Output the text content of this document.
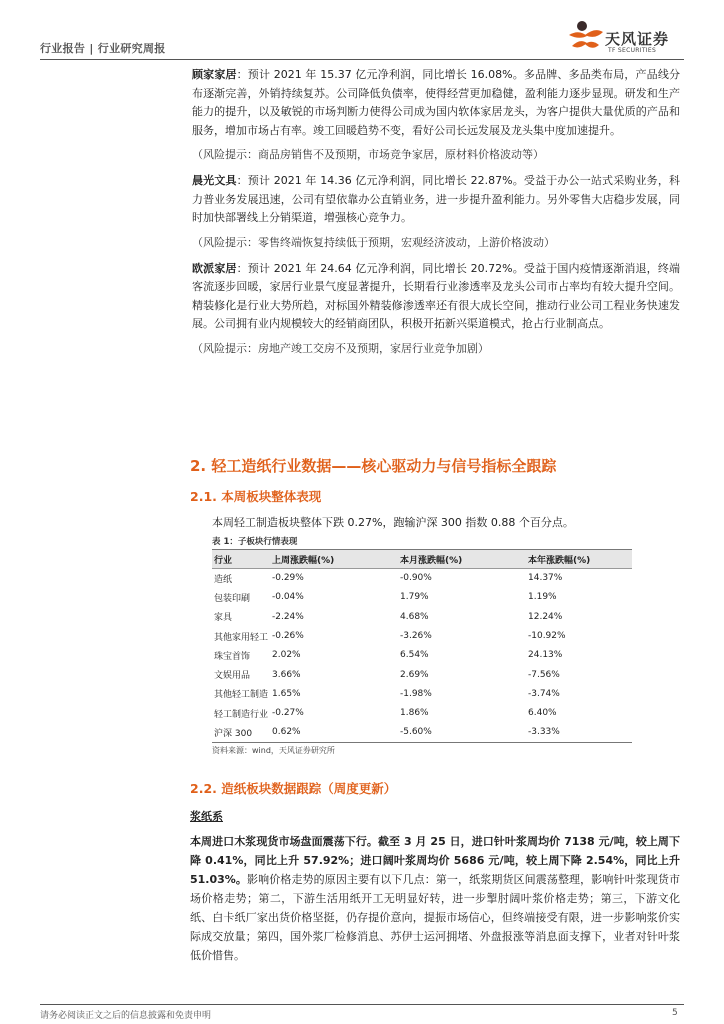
行业报告 | 行业研究周报
天风证券
TF SECURITIES

顾家家居：预计 2021 年 15.37 亿元净利润，同比增长 16.08%。多品牌、多品类布局，产品线分布逐渐完善，外销持续复苏。公司降低负债率，使得经营更加稳健，盈利能力逐步显现。研发和生产能力的提升，以及敏锐的市场判断力使得公司成为国内软体家居龙头，为客户提供大量优质的产品和服务，增加市场占有率。竣工回暖趋势不变，看好公司长远发展及龙头集中度加速提升。

（风险提示：商品房销售不及预期，市场竞争家居，原材料价格波动等）

晨光文具：预计 2021 年 14.36 亿元净利润，同比增长 22.87%。受益于办公一站式采购业务，科力普业务发展迅速，公司有望依靠办公直销业务，进一步提升盈利能力。另外零售大店稳步发展，同时加快部署线上分销渠道，增强核心竞争力。

（风险提示：零售终端恢复持续低于预期，宏观经济波动，上游价格波动）

欧派家居：预计 2021 年 24.64 亿元净利润，同比增长 20.72%。受益于国内疫情逐渐消退，终端客流逐步回暖，家居行业景气度显著提升，长期看行业渗透率及龙头公司市占率均有较大提升空间。精装修化是行业大势所趋，对标国外精装修渗透率还有很大成长空间，推动行业公司工程业务快速发展。公司拥有业内规模较大的经销商团队，积极开拓新兴渠道模式，抢占行业制高点。

（风险提示：房地产竣工交房不及预期，家居行业竞争加剧）

2. 轻工造纸行业数据——核心驱动力与信号指标全跟踪
2.1. 本周板块整体表现
本周轻工制造板块整体下跌 0.27%，跑输沪深 300 指数 0.88 个百分点。
表 1：子板块行情表现
行业	上周涨跌幅(%)	本月涨跌幅(%)	本年涨跌幅(%)
造纸	-0.29%	-0.90%	14.37%
包装印刷	-0.04%	1.79%	1.19%
家具	-2.24%	4.68%	12.24%
其他家用轻工	-0.26%	-3.26%	-10.92%
珠宝首饰	2.02%	6.54%	24.13%
文娱用品	3.66%	2.69%	-7.56%
其他轻工制造	1.65%	-1.98%	-3.74%
轻工制造行业	-0.27%	1.86%	6.40%
沪深 300	0.62%	-5.60%	-3.33%
资料来源：wind，天风证券研究所
2.2. 造纸板块数据跟踪（周度更新）
浆纸系

本周进口木浆现货市场盘面震荡下行。截至 3 月 25 日，进口针叶浆周均价 7138 元/吨，较上周下降 0.41%，同比上升 57.92%；进口阔叶浆周均价 5686 元/吨，较上周下降 2.54%，同比上升 51.03%。影响价格走势的原因主要有以下几点：第一，纸浆期货区间震荡整理，影响针叶浆现货市场价格走势；第二，下游生活用纸开工无明显好转，进一步掣肘阔叶浆价格走势；第三，下游文化纸、白卡纸厂家出货价格坚挺，仍存提价意向，提振市场信心，但终端接受有限，进一步影响浆价实际成交放量；第四，国外浆厂检修消息、苏伊士运河拥堵、外盘报涨等消息面支撑下，业者对针叶浆低价惜售。

请务必阅读正文之后的信息披露和免责申明	5
